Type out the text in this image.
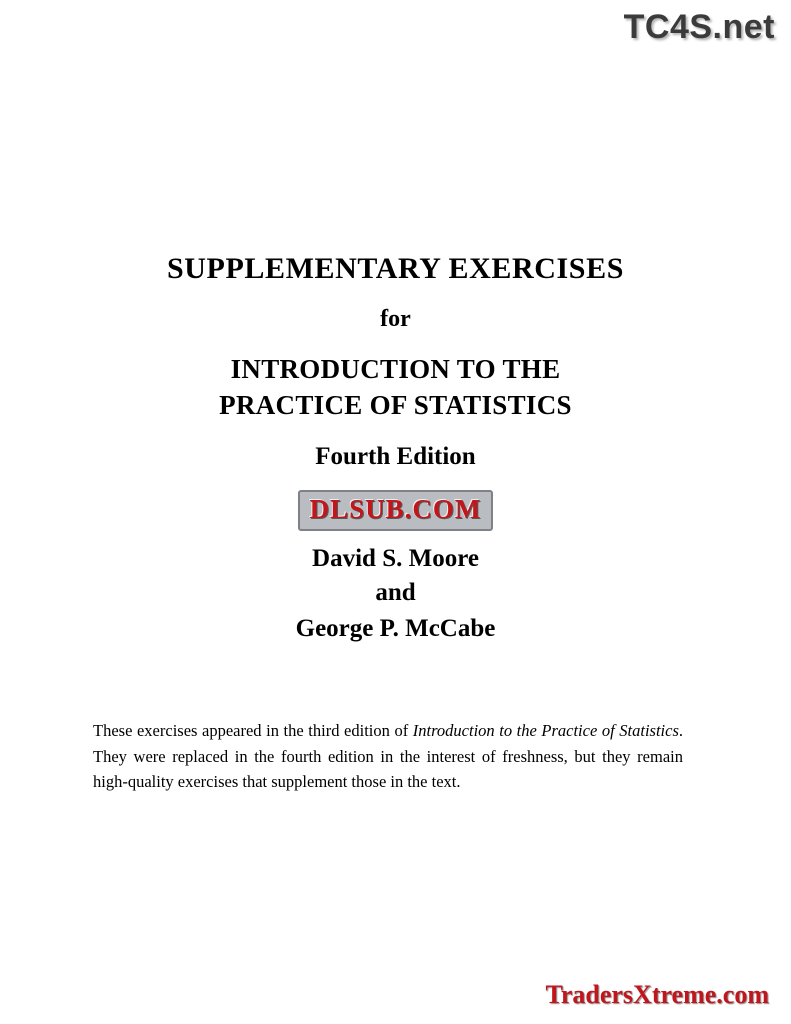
TC4S.net
SUPPLEMENTARY EXERCISES
for
INTRODUCTION TO THE
PRACTICE OF STATISTICS
Fourth Edition
DLSUB.COM
David S. Moore
and
George P. McCabe
These exercises appeared in the third edition of Introduction to the Practice of Statistics. They were replaced in the fourth edition in the interest of freshness, but they remain high-quality exercises that supplement those in the text.
TradersXtreme.com
